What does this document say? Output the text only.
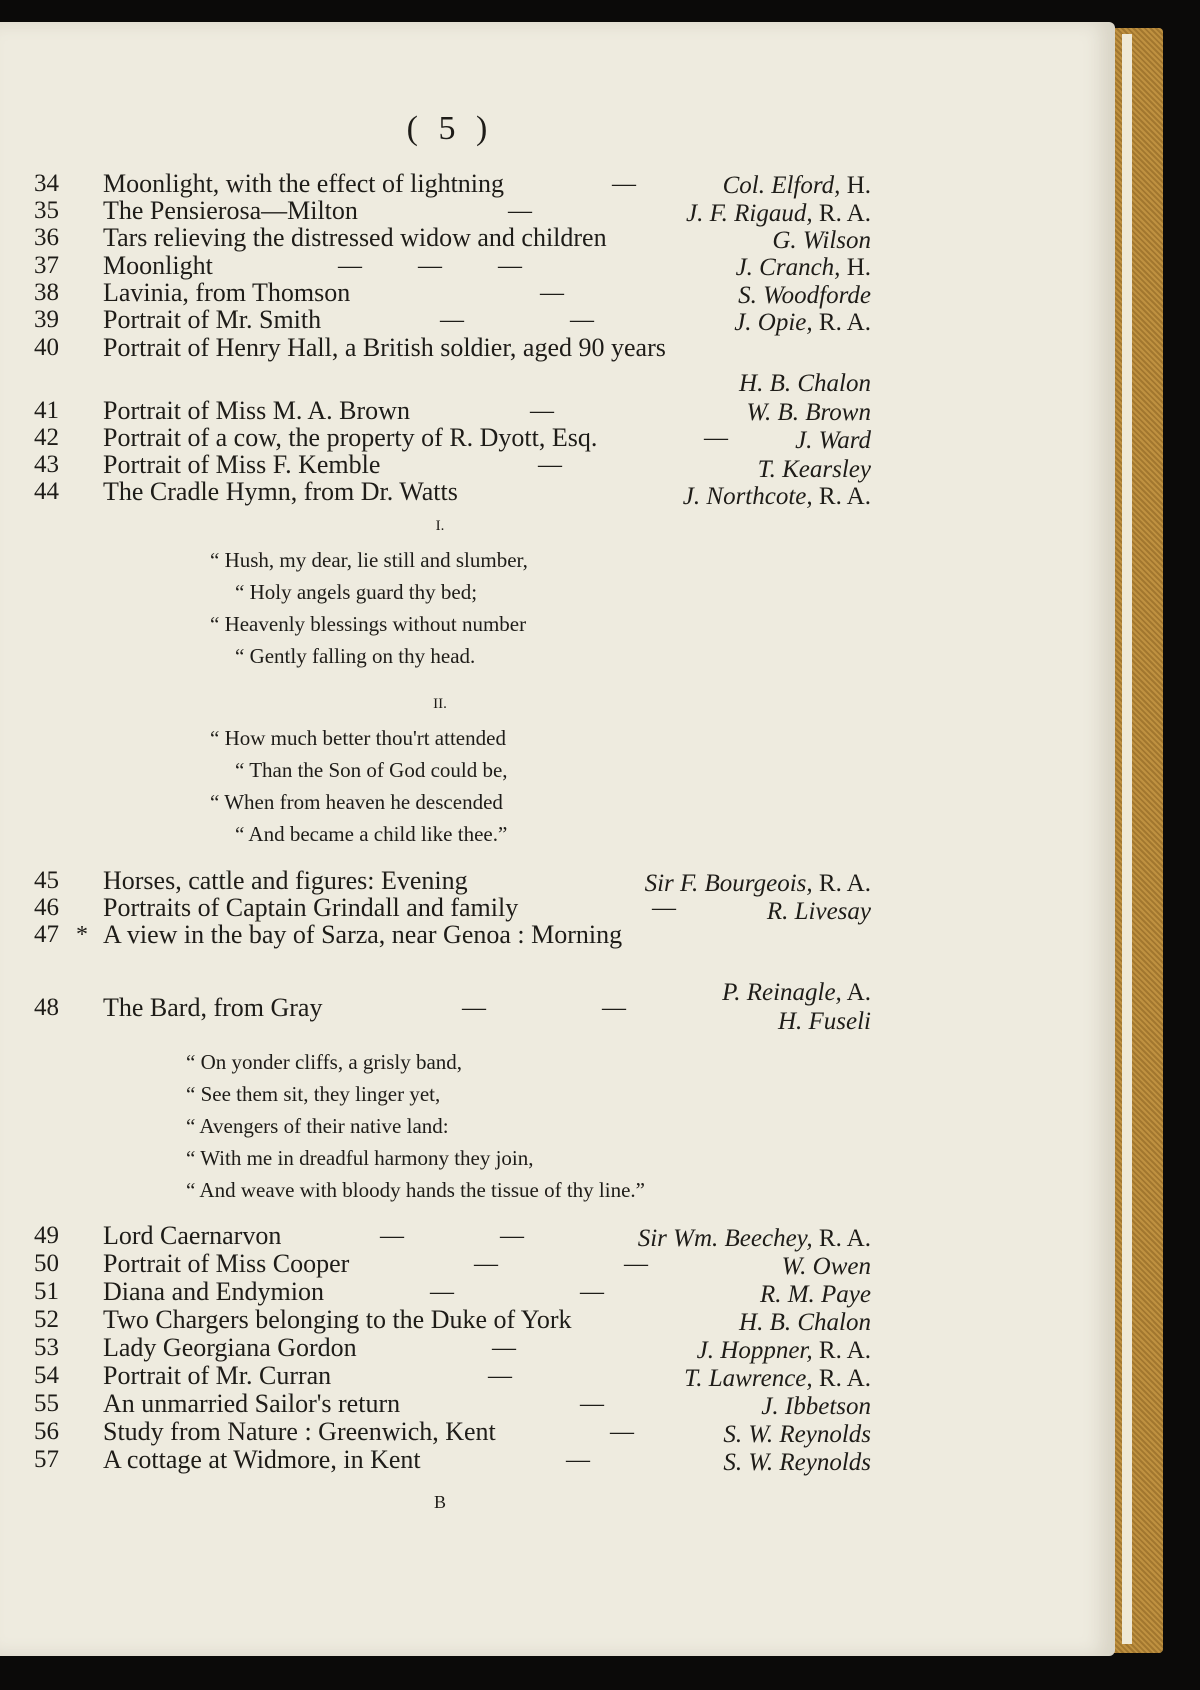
( 5 )
34 Moonlight, with the effect of lightning	—	Col. Elford, H.
35 The Pensierosa—Milton	—	J. F. Rigaud, R. A.
36 Tars relieving the distressed widow and children	G. Wilson
37 Moonlight	— — —	J. Cranch, H.
38 Lavinia, from Thomson	—	S. Woodforde
39 Portrait of Mr. Smith	— —	J. Opie, R. A.
40 Portrait of Henry Hall, a British soldier, aged 90 years
H. B. Chalon
41 Portrait of Miss M. A. Brown	—	W. B. Brown
42 Portrait of a cow, the property of R. Dyott, Esq.	—	J. Ward
43 Portrait of Miss F. Kemble	—	T. Kearsley
44 The Cradle Hymn, from Dr. Watts	J. Northcote, R. A.
I.
“ Hush, my dear, lie still and slumber,
“ Holy angels guard thy bed;
“ Heavenly blessings without number
“ Gently falling on thy head.
II.
“ How much better thou'rt attended
“ Than the Son of God could be,
“ When from heaven he descended
“ And became a child like thee.”
45 Horses, cattle and figures: Evening	Sir F. Bourgeois, R. A.
46 Portraits of Captain Grindall and family	—	R. Livesay
47 * A view in the bay of Sarza, near Genoa : Morning
P. Reinagle, A.
48 The Bard, from Gray	— —	H. Fuseli
“ On yonder cliffs, a grisly band,
“ See them sit, they linger yet,
“ Avengers of their native land:
“ With me in dreadful harmony they join,
“ And weave with bloody hands the tissue of thy line.”
49 Lord Caernarvon	— —	Sir Wm. Beechey, R. A.
50 Portrait of Miss Cooper	— —	W. Owen
51 Diana and Endymion	— —	R. M. Paye
52 Two Chargers belonging to the Duke of York	H. B. Chalon
53 Lady Georgiana Gordon	—	J. Hoppner, R. A.
54 Portrait of Mr. Curran	—	T. Lawrence, R. A.
55 An unmarried Sailor's return	—	J. Ibbetson
56 Study from Nature : Greenwich, Kent	—	S. W. Reynolds
57 A cottage at Widmore, in Kent	—	S. W. Reynolds
B
